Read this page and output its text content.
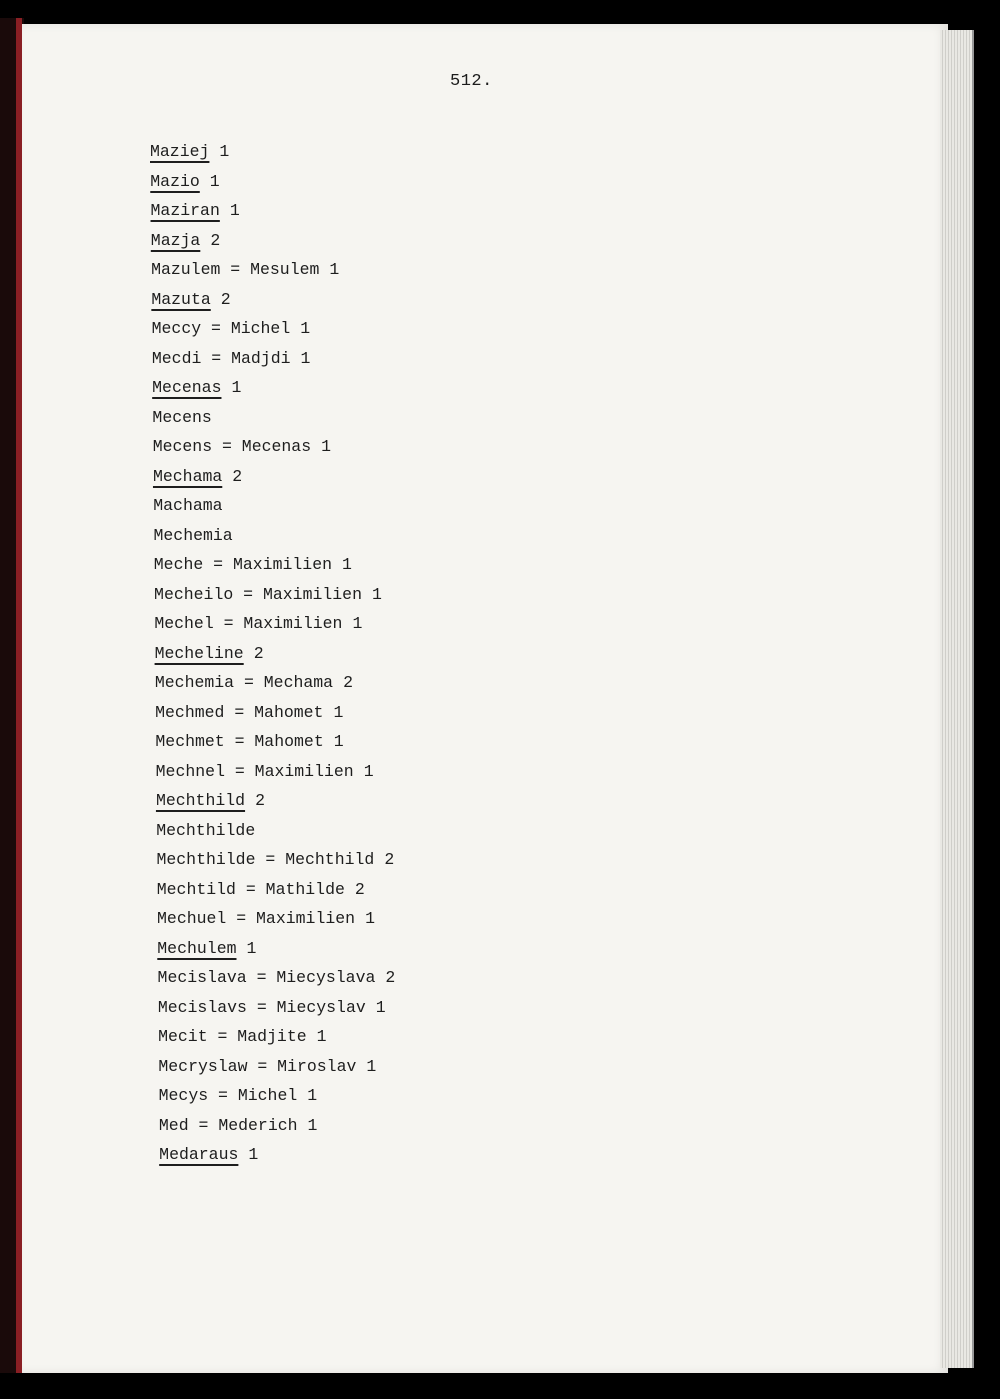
512.
Maziej 1
Mazio 1
Maziran 1
Mazja 2
Mazulem = Mesulem 1
Mazuta 2
Meccy = Michel 1
Mecdi = Madjdi 1
Mecenas 1
Mecens
Mecens = Mecenas 1
Mechama 2
Machama
Mechemia
Meche = Maximilien 1
Mecheilo = Maximilien 1
Mechel = Maximilien 1
Mecheline 2
Mechemia = Mechama 2
Mechmed = Mahomet 1
Mechmet = Mahomet 1
Mechnel = Maximilien 1
Mechthild 2
Mechthilde
Mechthilde = Mechthild 2
Mechtild = Mathilde 2
Mechuel = Maximilien 1
Mechulem 1
Mecislava = Miecyslava 2
Mecislavs = Miecyslav 1
Mecit = Madjite 1
Mecryslaw = Miroslav 1
Mecys = Michel 1
Med = Mederich 1
Medaraus 1
